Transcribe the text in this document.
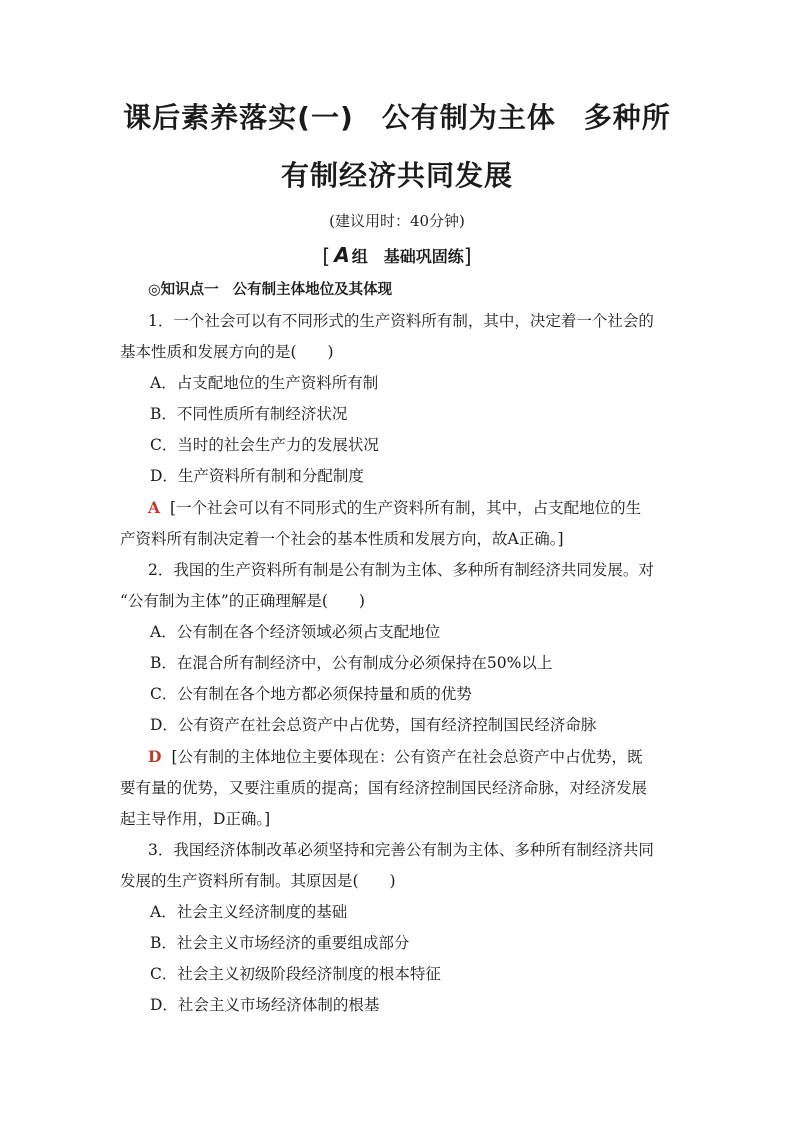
课后素养落实(一) 公有制为主体 多种所
有制经济共同发展
(建议用时：40分钟)
[ A 组 基础巩固练]
◎知识点一 公有制主体地位及其体现
1．一个社会可以有不同形式的生产资料所有制，其中，决定着一个社会的
基本性质和发展方向的是(　　)
A．占支配地位的生产资料所有制
B．不同性质所有制经济状况
C．当时的社会生产力的发展状况
D．生产资料所有制和分配制度
A [一个社会可以有不同形式的生产资料所有制，其中，占支配地位的生
产资料所有制决定着一个社会的基本性质和发展方向，故A正确。]
2．我国的生产资料所有制是公有制为主体、多种所有制经济共同发展。对
“公有制为主体”的正确理解是(　　)
A．公有制在各个经济领域必须占支配地位
B．在混合所有制经济中，公有制成分必须保持在50%以上
C．公有制在各个地方都必须保持量和质的优势
D．公有资产在社会总资产中占优势，国有经济控制国民经济命脉
D [公有制的主体地位主要体现在：公有资产在社会总资产中占优势，既
要有量的优势，又要注重质的提高；国有经济控制国民经济命脉，对经济发展
起主导作用，D正确。]
3．我国经济体制改革必须坚持和完善公有制为主体、多种所有制经济共同
发展的生产资料所有制。其原因是(　　)
A．社会主义经济制度的基础
B．社会主义市场经济的重要组成部分
C．社会主义初级阶段经济制度的根本特征
D．社会主义市场经济体制的根基
